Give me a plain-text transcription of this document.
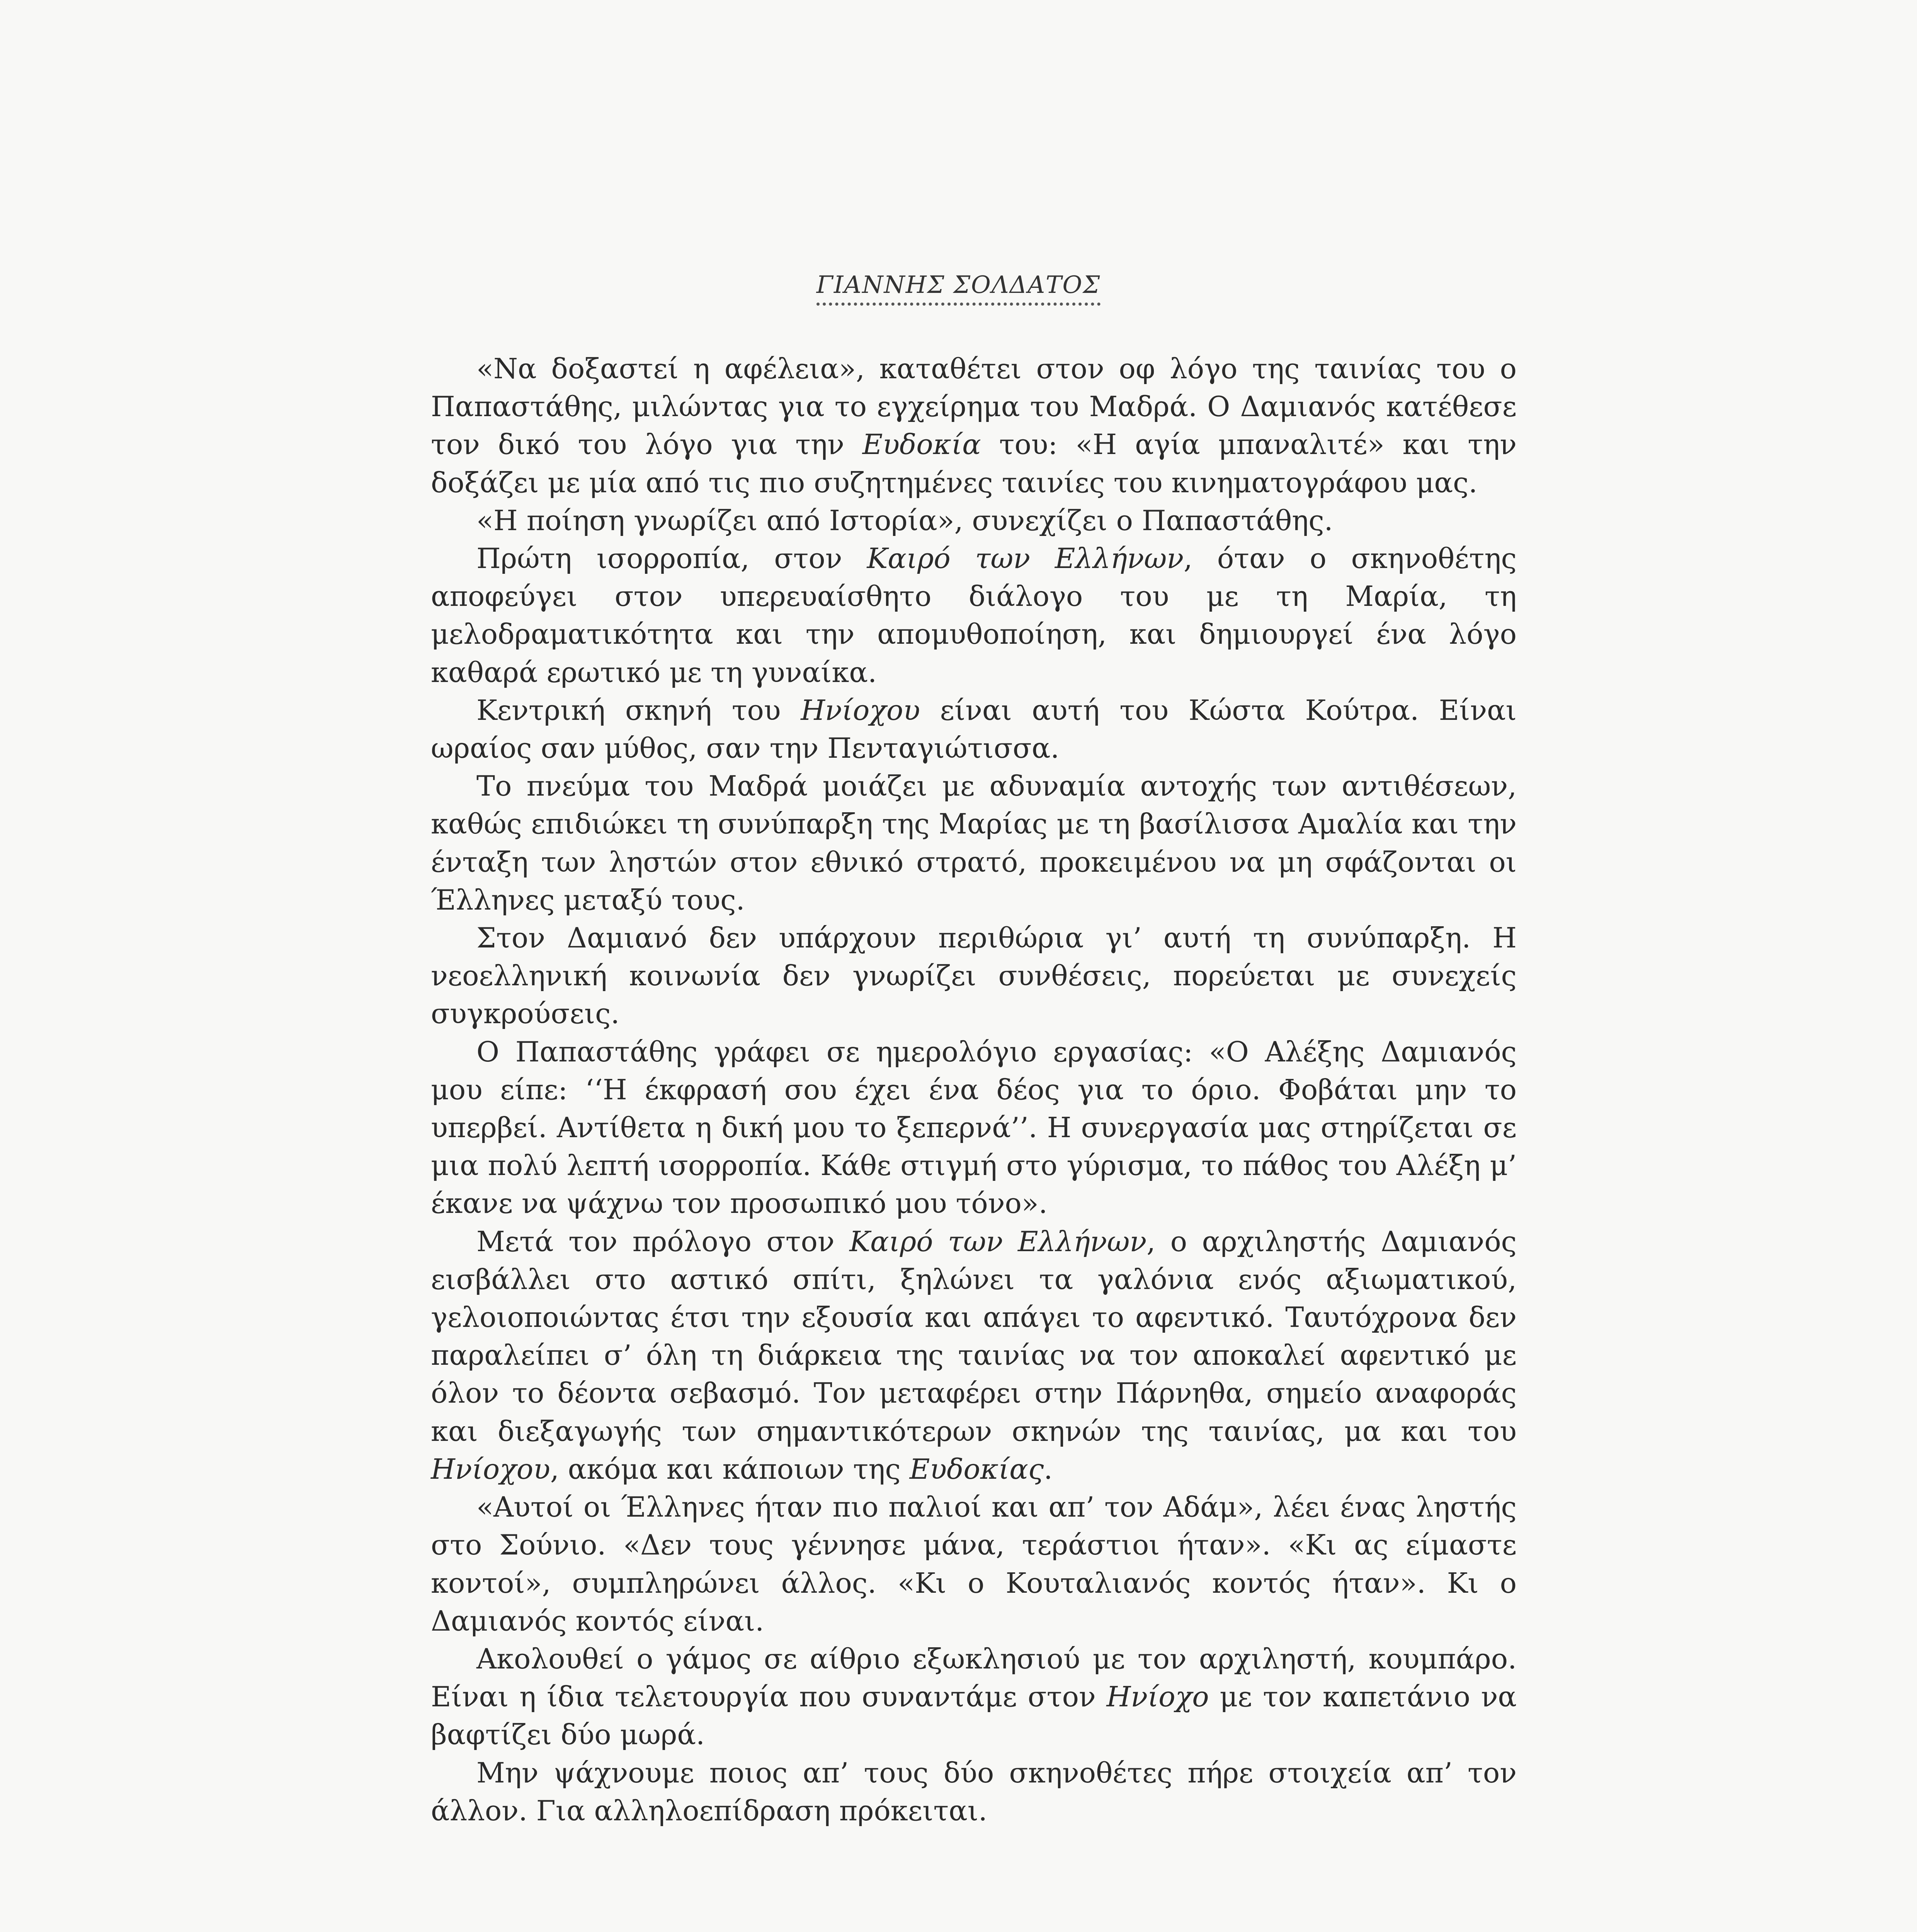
ΓΙΑΝΝΗΣ ΣΟΛΔΑΤΟΣ

«Να δοξαστεί η αφέλεια», καταθέτει στον οφ λόγο της ταινίας του ο Παπαστάθης, μιλώντας για το εγχείρημα του Μαδρά. Ο Δαμιανός κατέθεσε τον δικό του λόγο για την Ευδοκία του: «Η αγία μπαναλιτέ» και την δοξάζει με μία από τις πιο συζητημένες ταινίες του κινηματογράφου μας.

«Η ποίηση γνωρίζει από Ιστορία», συνεχίζει ο Παπαστάθης.

Πρώτη ισορροπία, στον Καιρό των Ελλήνων, όταν ο σκηνοθέτης αποφεύγει στον υπερευαίσθητο διάλογο του με τη Μαρία, τη μελοδραματικότητα και την απομυθοποίηση, και δημιουργεί ένα λόγο καθαρά ερωτικό με τη γυναίκα.

Κεντρική σκηνή του Ηνίοχου είναι αυτή του Κώστα Κούτρα. Είναι ωραίος σαν μύθος, σαν την Πενταγιώτισσα.

Το πνεύμα του Μαδρά μοιάζει με αδυναμία αντοχής των αντιθέσεων, καθώς επιδιώκει τη συνύπαρξη της Μαρίας με τη βασίλισσα Αμαλία και την ένταξη των ληστών στον εθνικό στρατό, προκειμένου να μη σφάζονται οι Έλληνες μεταξύ τους.

Στον Δαμιανό δεν υπάρχουν περιθώρια γι’ αυτή τη συνύπαρξη. Η νεοελληνική κοινωνία δεν γνωρίζει συνθέσεις, πορεύεται με συνεχείς συγκρούσεις.

Ο Παπαστάθης γράφει σε ημερολόγιο εργασίας: «Ο Αλέξης Δαμιανός μου είπε: ‘‘Η έκφρασή σου έχει ένα δέος για το όριο. Φοβάται μην το υπερβεί. Αντίθετα η δική μου το ξεπερνά’’. Η συνεργασία μας στηρίζεται σε μια πολύ λεπτή ισορροπία. Κάθε στιγμή στο γύρισμα, το πάθος του Αλέξη μ’ έκανε να ψάχνω τον προσωπικό μου τόνο».

Μετά τον πρόλογο στον Καιρό των Ελλήνων, ο αρχιληστής Δαμιανός εισβάλλει στο αστικό σπίτι, ξηλώνει τα γαλόνια ενός αξιωματικού, γελοιοποιώντας έτσι την εξουσία και απάγει το αφεντικό. Ταυτόχρονα δεν παραλείπει σ’ όλη τη διάρκεια της ταινίας να τον αποκαλεί αφεντικό με όλον το δέοντα σεβασμό. Τον μεταφέρει στην Πάρνηθα, σημείο αναφοράς και διεξαγωγής των σημαντικότερων σκηνών της ταινίας, μα και του Ηνίοχου, ακόμα και κάποιων της Ευδοκίας.

«Αυτοί οι Έλληνες ήταν πιο παλιοί και απ’ τον Αδάμ», λέει ένας ληστής στο Σούνιο. «Δεν τους γέννησε μάνα, τεράστιοι ήταν». «Κι ας είμαστε κοντοί», συμπληρώνει άλλος. «Κι ο Κουταλιανός κοντός ήταν». Κι ο Δαμιανός κοντός είναι.

Ακολουθεί ο γάμος σε αίθριο εξωκλησιού με τον αρχιληστή, κουμπάρο. Είναι η ίδια τελετουργία που συναντάμε στον Ηνίοχο με τον καπετάνιο να βαφτίζει δύο μωρά.

Μην ψάχνουμε ποιος απ’ τους δύο σκηνοθέτες πήρε στοιχεία απ’ τον άλλον. Για αλληλοεπίδραση πρόκειται.
